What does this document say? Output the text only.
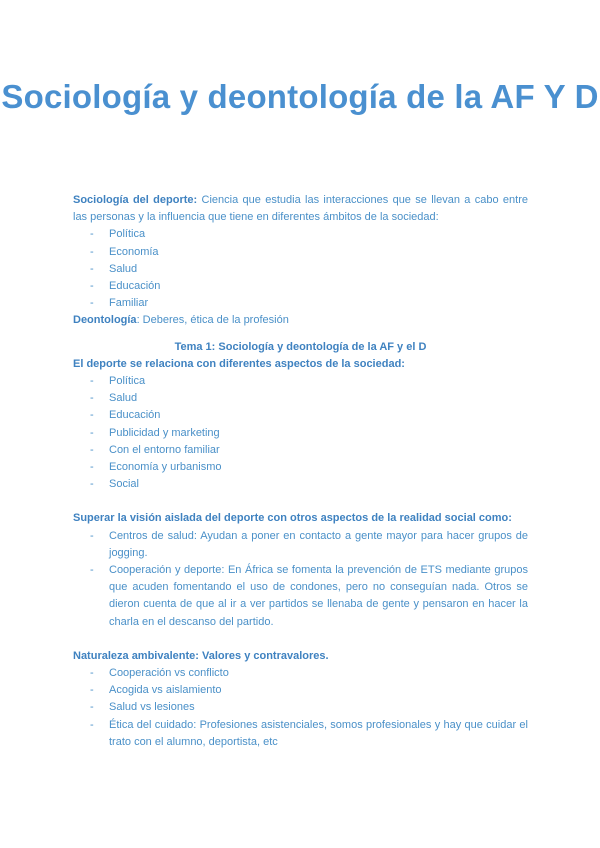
Sociología y deontología de la AF Y D

Sociología del deporte: Ciencia que estudia las interacciones que se llevan a cabo entre las personas y la influencia que tiene en diferentes ámbitos de la sociedad:

- Política
- Economía
- Salud
- Educación
- Familiar

Deontología: Deberes, ética de la profesión

Tema 1: Sociología y deontología de la AF y el D

El deporte se relaciona con diferentes aspectos de la sociedad:

- Política
- Salud
- Educación
- Publicidad y marketing
- Con el entorno familiar
- Economía y urbanismo
- Social

Superar la visión aislada del deporte con otros aspectos de la realidad social como:

- Centros de salud: Ayudan a poner en contacto a gente mayor para hacer grupos de jogging.
- Cooperación y deporte: En África se fomenta la prevención de ETS mediante grupos que acuden fomentando el uso de condones, pero no conseguían nada. Otros se dieron cuenta de que al ir a ver partidos se llenaba de gente y pensaron en hacer la charla en el descanso del partido.

Naturaleza ambivalente: Valores y contravalores.

- Cooperación vs conflicto
- Acogida vs aislamiento
- Salud vs lesiones
- Ética del cuidado: Profesiones asistenciales, somos profesionales y hay que cuidar el trato con el alumno, deportista, etc
